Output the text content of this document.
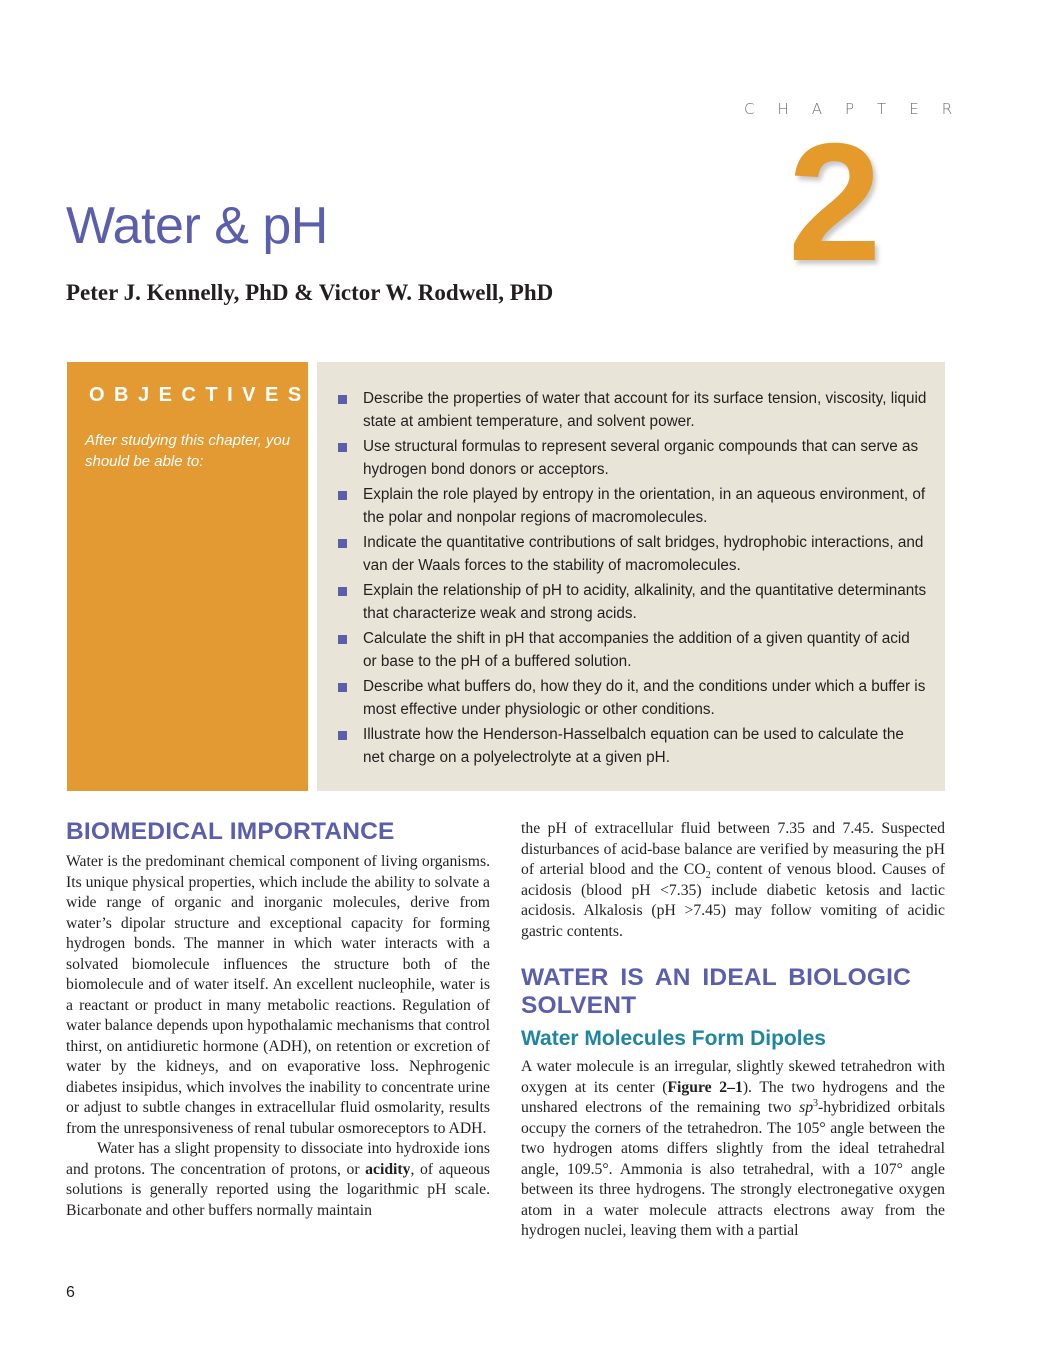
CHAPTER
2
Water & pH
Peter J. Kennelly, PhD & Victor W. Rodwell, PhD
OBJECTIVES
After studying this chapter, you should be able to:
Describe the properties of water that account for its surface tension, viscosity, liquid state at ambient temperature, and solvent power.
Use structural formulas to represent several organic compounds that can serve as hydrogen bond donors or acceptors.
Explain the role played by entropy in the orientation, in an aqueous environment, of the polar and nonpolar regions of macromolecules.
Indicate the quantitative contributions of salt bridges, hydrophobic interactions, and van der Waals forces to the stability of macromolecules.
Explain the relationship of pH to acidity, alkalinity, and the quantitative determinants that characterize weak and strong acids.
Calculate the shift in pH that accompanies the addition of a given quantity of acid or base to the pH of a buffered solution.
Describe what buffers do, how they do it, and the conditions under which a buffer is most effective under physiologic or other conditions.
Illustrate how the Henderson-Hasselbalch equation can be used to calculate the net charge on a polyelectrolyte at a given pH.
BIOMEDICAL IMPORTANCE

Water is the predominant chemical component of living organisms. Its unique physical properties, which include the ability to solvate a wide range of organic and inorganic molecules, derive from water’s dipolar structure and exceptional capacity for forming hydrogen bonds. The manner in which water interacts with a solvated biomolecule influences the structure both of the biomolecule and of water itself. An excellent nucleophile, water is a reactant or product in many metabolic reactions. Regulation of water balance depends upon hypothalamic mechanisms that control thirst, on antidiuretic hormone (ADH), on retention or excretion of water by the kidneys, and on evaporative loss. Nephrogenic diabetes insipidus, which involves the inability to concentrate urine or adjust to subtle changes in extracellular fluid osmolarity, results from the unresponsiveness of renal tubular osmoreceptors to ADH.

Water has a slight propensity to dissociate into hydroxide ions and protons. The concentration of protons, or acidity, of aqueous solutions is generally reported using the logarithmic pH scale. Bicarbonate and other buffers normally maintain

the pH of extracellular fluid between 7.35 and 7.45. Suspected disturbances of acid-base balance are verified by measuring the pH of arterial blood and the $CO_2$ content of venous blood. Causes of acidosis (blood pH <7.35) include diabetic ketosis and lactic acidosis. Alkalosis (pH >7.45) may follow vomiting of acidic gastric contents.

WATER IS AN IDEAL BIOLOGIC SOLVENT
Water Molecules Form Dipoles

A water molecule is an irregular, slightly skewed tetrahedron with oxygen at its center (Figure 2–1). The two hydrogens and the unshared electrons of the remaining two $sp^3$-hybridized orbitals occupy the corners of the tetrahedron. The 105° angle between the two hydrogen atoms differs slightly from the ideal tetrahedral angle, 109.5°. Ammonia is also tetrahedral, with a 107° angle between its three hydrogens. The strongly electronegative oxygen atom in a water molecule attracts electrons away from the hydrogen nuclei, leaving them with a partial

6
